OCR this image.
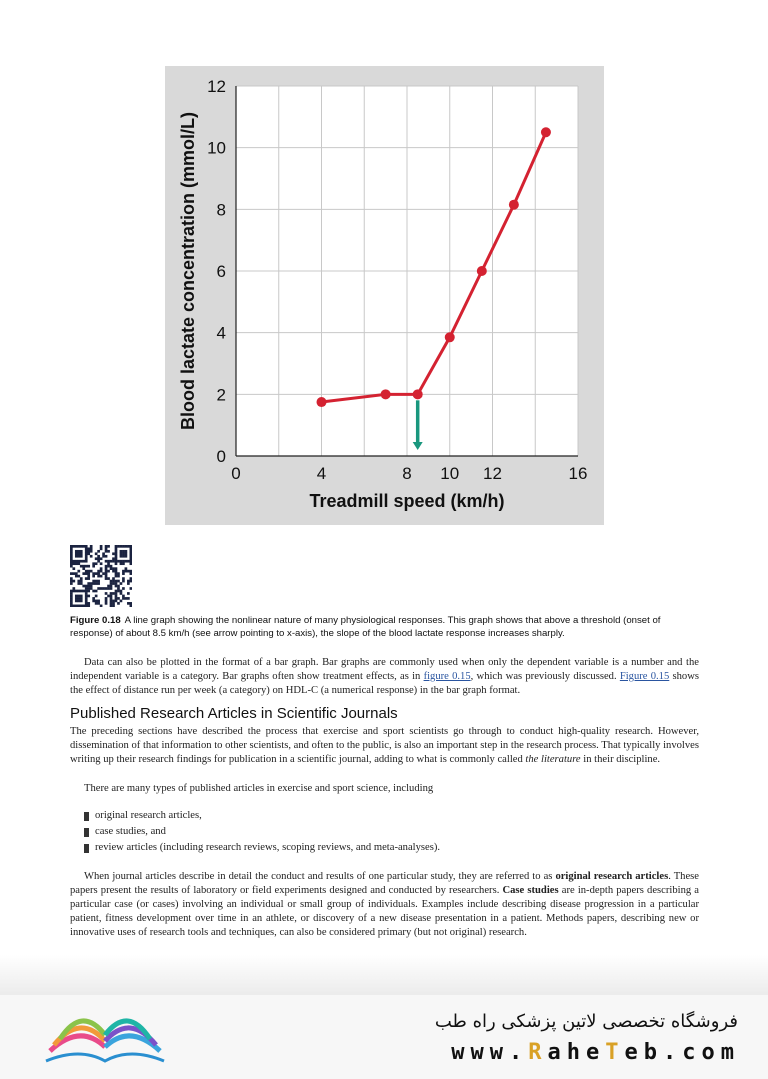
0
2
4
6
8
10
12
0	4	8 10 12	16
Treadmill speed (km/h)
Blood lactate concentration (mmol/L)
Figure 0.18 A line graph showing the nonlinear nature of many physiological responses. This graph shows that above a threshold (onset of response) of about 8.5 km/h (see arrow pointing to x-axis), the slope of the blood lactate response increases sharply.
Data can also be plotted in the format of a bar graph. Bar graphs are commonly used when only the dependent variable is a number and the independent variable is a category. Bar graphs often show treatment effects, as in figure 0.15, which was previously discussed. Figure 0.15 shows the effect of distance run per week (a category) on HDL-C (a numerical response) in the bar graph format.
Published Research Articles in Scientific Journals
The preceding sections have described the process that exercise and sport scientists go through to conduct high-quality research. However, dissemination of that information to other scientists, and often to the public, is also an important step in the research process. That typically involves writing up their research findings for publication in a scientific journal, adding to what is commonly called the literature in their discipline.
There are many types of published articles in exercise and sport science, including
original research articles,
case studies, and
review articles (including research reviews, scoping reviews, and meta-analyses).
When journal articles describe in detail the conduct and results of one particular study, they are referred to as original research articles. These papers present the results of laboratory or field experiments designed and conducted by researchers. Case studies are in-depth papers describing a particular case (or cases) involving an individual or small group of individuals. Examples include describing disease progression in a particular patient, fitness development over time in an athlete, or discovery of a new disease presentation in a patient. Methods papers, describing new or innovative uses of research tools and techniques, can also be considered primary (but not original) research.
فروشگاه تخصصی لاتین پزشکی راه طب
www.RaheTeb.com
